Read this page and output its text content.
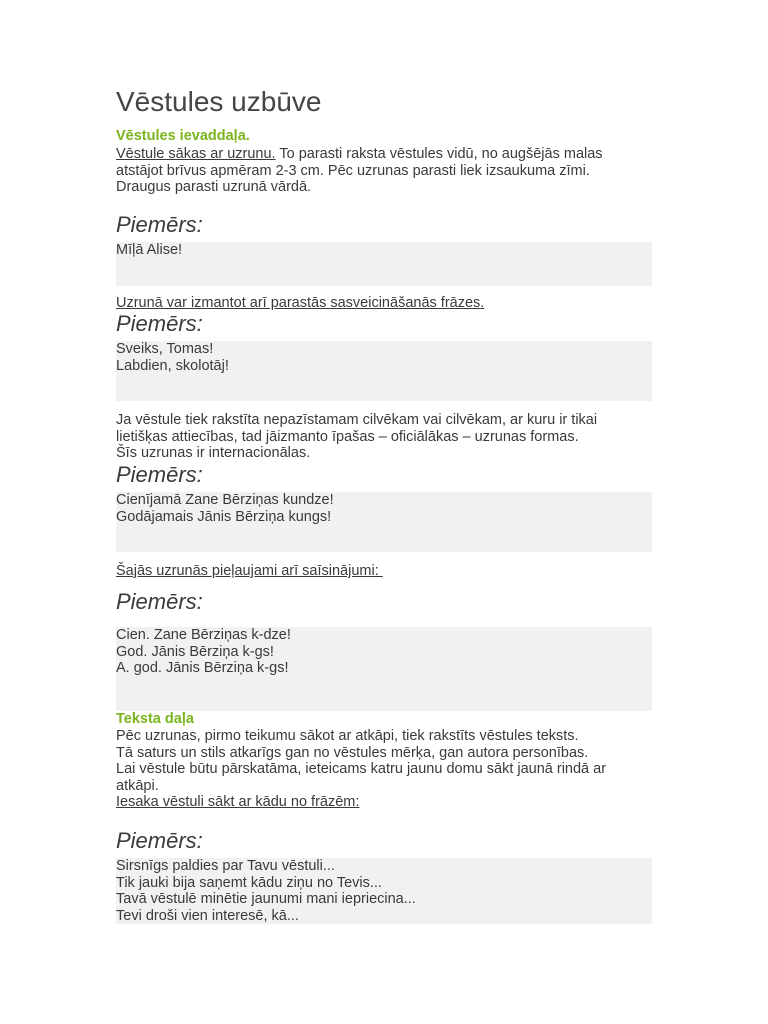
Vēstules uzbūve
Vēstules ievaddaļa.
Vēstule sākas ar uzrunu. To parasti raksta vēstules vidū, no augšējās malas
atstājot brīvus apmēram 2-3 cm. Pēc uzrunas parasti liek izsaukuma zīmi.
Draugus parasti uzrunā vārdā.
Piemērs:
Mīļā Alise!
Uzrunā var izmantot arī parastās sasveicināšanās frāzes.
Piemērs:
Sveiks, Tomas!
Labdien, skolotāj!
Ja vēstule tiek rakstīta nepazīstamam cilvēkam vai cilvēkam, ar kuru ir tikai
lietišķas attiecības, tad jāizmanto īpašas – oficiālākas – uzrunas formas.
Šīs uzrunas ir internacionālas.
Piemērs:
Cienījamā Zane Bērziņas kundze!
Godājamais Jānis Bērziņa kungs!
Šajās uzrunās pieļaujami arī saīsinājumi:
Piemērs:
Cien. Zane Bērziņas k-dze!
God. Jānis Bērziņa k-gs!
A. god. Jānis Bērziņa k-gs!
Teksta daļa
Pēc uzrunas, pirmo teikumu sākot ar atkāpi, tiek rakstīts vēstules teksts.
Tā saturs un stils atkarīgs gan no vēstules mērķa, gan autora personības.
Lai vēstule būtu pārskatāma, ieteicams katru jaunu domu sākt jaunā rindā ar
atkāpi.
Iesaka vēstuli sākt ar kādu no frāzēm:
Piemērs:
Sirsnīgs paldies par Tavu vēstuli...
Tik jauki bija saņemt kādu ziņu no Tevis...
Tavā vēstulē minētie jaunumi mani iepriecina...
Tevi droši vien interesē, kā...
